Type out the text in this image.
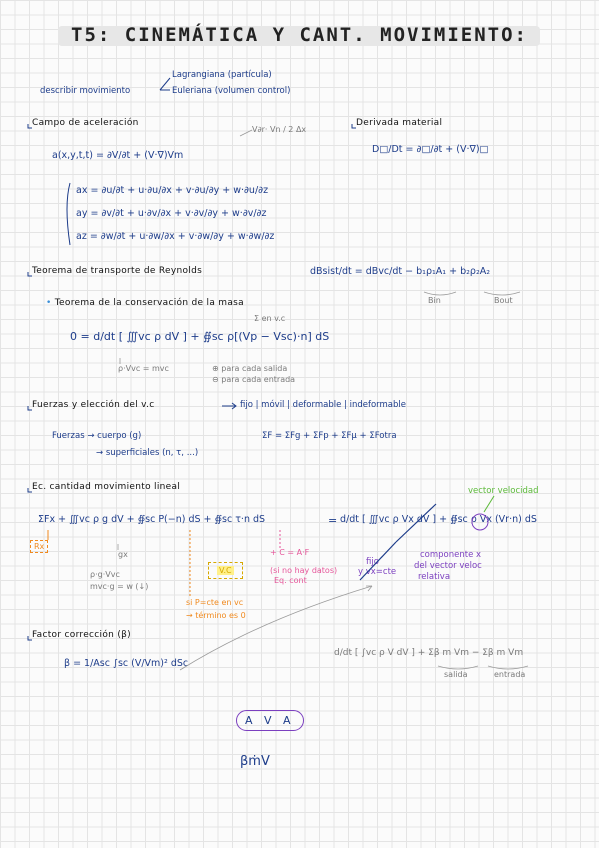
T5: CINEMÁTICA Y CANT. MOVIMIENTO:
describir movimiento
Lagrangiana (partícula)
Euleriana (volumen control)
Campo de aceleración
V∂r· Vn / 2 Δx
a(x,y,t,t) = ∂V/∂t + (V·∇)Vm
ax = ∂u/∂t + u·∂u/∂x + v·∂u/∂y + w·∂u/∂z
ay = ∂v/∂t + u·∂v/∂x + v·∂v/∂y + w·∂v/∂z
az = ∂w/∂t + u·∂w/∂x + v·∂w/∂y + w·∂w/∂z
Derivada material
D□/Dt = ∂□/∂t + (V·∇)□
Teorema de transporte de Reynolds	dBsist/dt = dBvc/dt − b₁ρ₁A₁ + b₂ρ₂A₂
Bin	Bout
• Teorema de la conservación de la masa
Σ en v.c
0 = d/dt [ ∭vc ρ dV ] + ∯sc ρ[(Vp − Vsc)·n] dS
ρ·Vvc = mvc	⊕ para cada salida
⊖ para cada entrada
Fuerzas y elección del v.c	fijo | móvil | deformable | indeformable
Fuerzas → cuerpo (g)
→ superficiales (n, τ, ...)
ΣF = ΣFg + ΣFp + ΣFμ + ΣFotra
Ec. cantidad movimiento lineal	vector velocidad
ΣFx + ∭vc ρ g dV + ∯sc P(−n) dS + ∯sc τ·n dS	= d/dt [ ∭vc ρ Vx dV ] + ∯sc ρ Vx (Vr·n) dS
Rx
gx
ρ·g·Vvc
mvc·g = w (↓)
V.C
+ C = A·F
(si no hay datos)
Eq. cont
si P=cte en vc
→ término es 0
fijo
y vx=cte
componente x
del vector veloc
relativa
Factor corrección (β)
β = 1/Asc ∫sc (V/Vm)² dSc
d/dt [ ∫vc ρ V dV ] + Σβ m Vm − Σβ m Vm
salida	entrada
A V A
βṁV
